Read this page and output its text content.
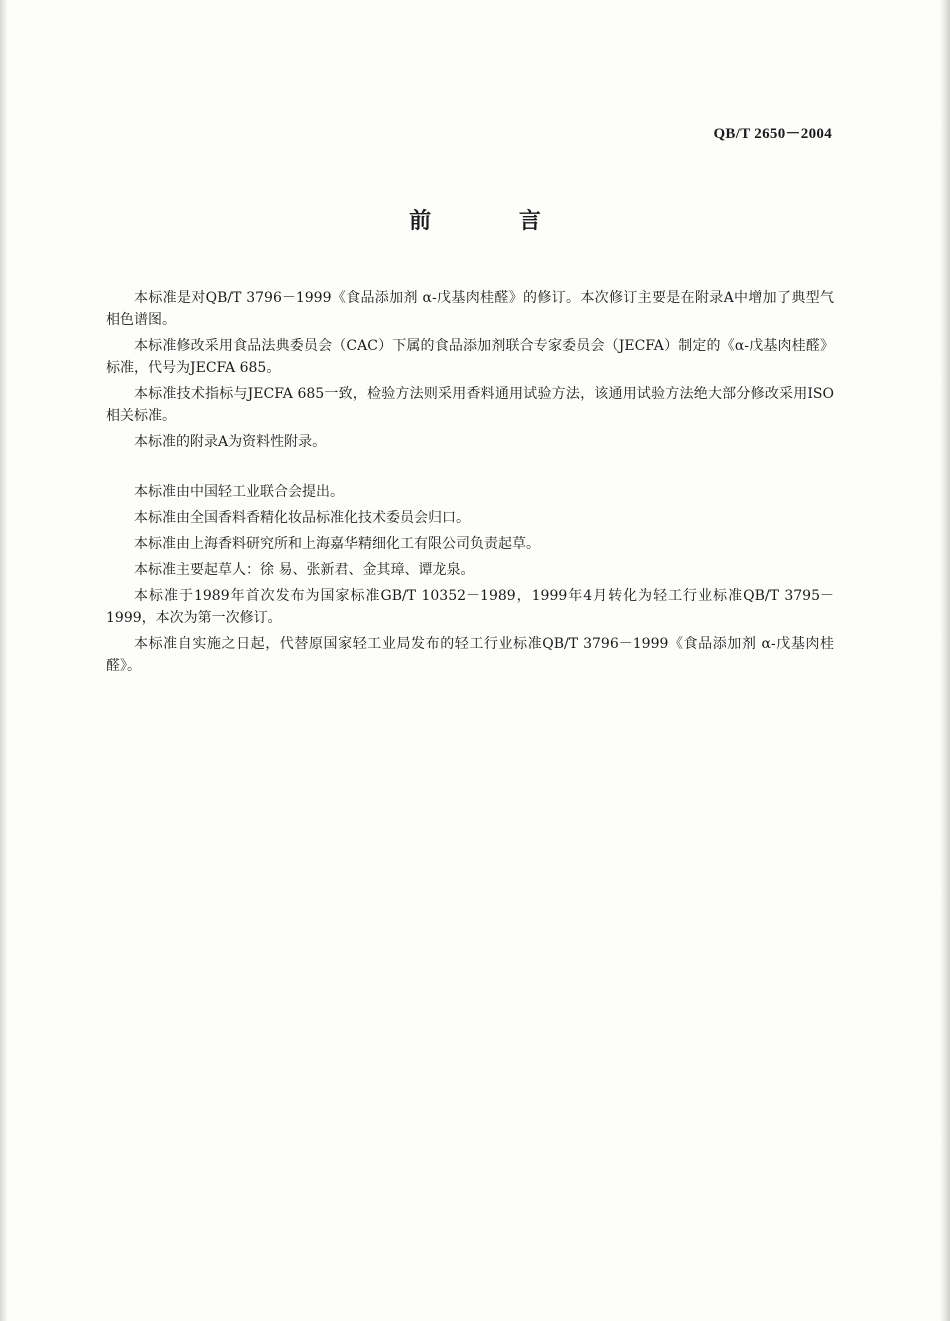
QB/T 2650－2004
前 言

本标准是对QB/T 3796－1999《食品添加剂 α-戊基肉桂醛》的修订。本次修订主要是在附录A中增加了典型气相色谱图。

本标准修改采用食品法典委员会（CAC）下属的食品添加剂联合专家委员会（JECFA）制定的《α-戊基肉桂醛》标准，代号为JECFA 685。

本标准技术指标与JECFA 685一致，检验方法则采用香料通用试验方法，该通用试验方法绝大部分修改采用ISO相关标准。

本标准的附录A为资料性附录。

本标准由中国轻工业联合会提出。

本标准由全国香料香精化妆品标准化技术委员会归口。

本标准由上海香料研究所和上海嘉华精细化工有限公司负责起草。

本标准主要起草人：徐 易、张新君、金其璋、谭龙泉。

本标准于1989年首次发布为国家标准GB/T 10352－1989，1999年4月转化为轻工行业标准QB/T 3795－1999，本次为第一次修订。

本标准自实施之日起，代替原国家轻工业局发布的轻工行业标准QB/T 3796－1999《食品添加剂 α-戊基肉桂醛》。
